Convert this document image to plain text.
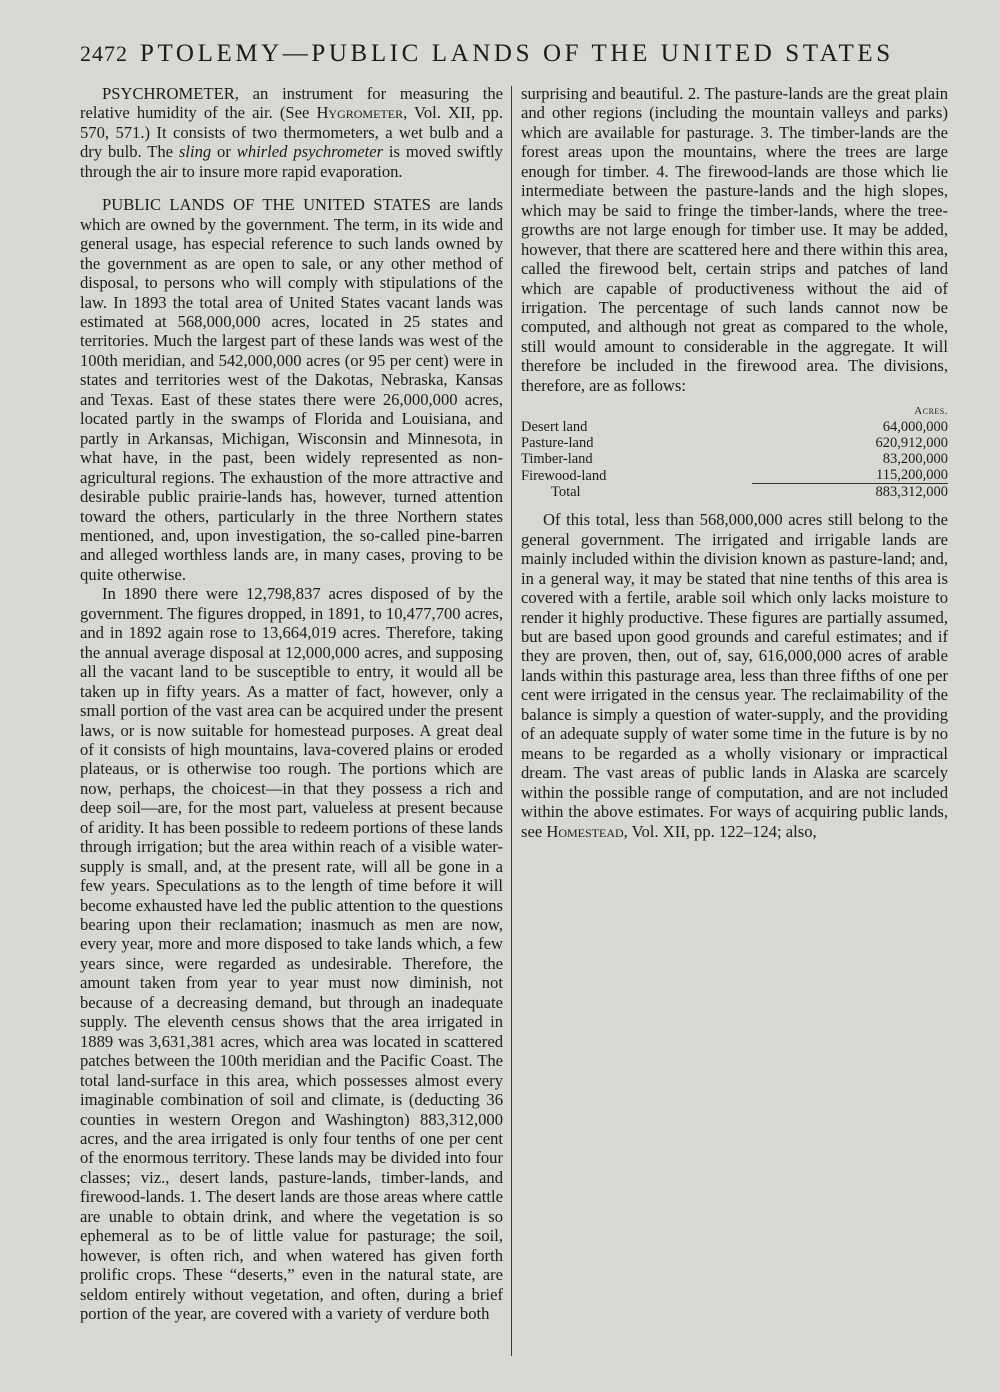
2472 PTOLEMY—PUBLIC LANDS OF THE UNITED STATES

PSYCHROMETER, an instrument for measuring the relative humidity of the air. (See Hygrometer, Vol. XII, pp. 570, 571.) It consists of two thermometers, a wet bulb and a dry bulb. The sling or whirled psychrometer is moved swiftly through the air to insure more rapid evaporation.

PUBLIC LANDS OF THE UNITED STATES are lands which are owned by the government. The term, in its wide and general usage, has especial reference to such lands owned by the government as are open to sale, or any other method of disposal, to persons who will comply with stipulations of the law. In 1893 the total area of United States vacant lands was estimated at 568,000,000 acres, located in 25 states and territories. Much the largest part of these lands was west of the 100th meridian, and 542,000,000 acres (or 95 per cent) were in states and territories west of the Dakotas, Nebraska, Kansas and Texas. East of these states there were 26,000,000 acres, located partly in the swamps of Florida and Louisiana, and partly in Arkansas, Michigan, Wisconsin and Minnesota, in what have, in the past, been widely represented as non-agricultural regions. The exhaustion of the more attractive and desirable public prairie-lands has, however, turned attention toward the others, particularly in the three Northern states mentioned, and, upon investigation, the so-called pine-barren and alleged worthless lands are, in many cases, proving to be quite otherwise.

In 1890 there were 12,798,837 acres disposed of by the government. The figures dropped, in 1891, to 10,477,700 acres, and in 1892 again rose to 13,664,019 acres. Therefore, taking the annual average disposal at 12,000,000 acres, and supposing all the vacant land to be susceptible to entry, it would all be taken up in fifty years. As a matter of fact, however, only a small portion of the vast area can be acquired under the present laws, or is now suitable for homestead purposes. A great deal of it consists of high mountains, lava-covered plains or eroded plateaus, or is otherwise too rough. The portions which are now, perhaps, the choicest—in that they possess a rich and deep soil—are, for the most part, valueless at present because of aridity. It has been possible to redeem portions of these lands through irrigation; but the area within reach of a visible water-supply is small, and, at the present rate, will all be gone in a few years. Speculations as to the length of time before it will become exhausted have led the public attention to the questions bearing upon their reclamation; inasmuch as men are now, every year, more and more disposed to take lands which, a few years since, were regarded as undesirable. Therefore, the amount taken from year to year must now diminish, not because of a decreasing demand, but through an inadequate supply. The eleventh census shows that the area irrigated in 1889 was 3,631,381 acres, which area was located in scattered patches between the 100th meridian and the Pacific Coast. The total land-surface in this area, which possesses almost every imaginable combination of soil and climate, is (deducting 36 counties in western Oregon and Washington) 883,312,000 acres, and the area irrigated is only four tenths of one per cent of the enormous territory. These lands may be divided into four classes; viz., desert lands, pasture-lands, timber-lands, and firewood-lands. 1. The desert lands are those areas where cattle are unable to obtain drink, and where the vegetation is so ephemeral as to be of little value for pasturage; the soil, however, is often rich, and when watered has given forth prolific crops. These “deserts,” even in the natural state, are seldom entirely without vegetation, and often, during a brief portion of the year, are covered with a variety of verdure both

surprising and beautiful. 2. The pasture-lands are the great plain and other regions (including the mountain valleys and parks) which are available for pasturage. 3. The timber-lands are the forest areas upon the mountains, where the trees are large enough for timber. 4. The firewood-lands are those which lie intermediate between the pasture-lands and the high slopes, which may be said to fringe the timber-lands, where the tree-growths are not large enough for timber use. It may be added, however, that there are scattered here and there within this area, called the firewood belt, certain strips and patches of land which are capable of productiveness without the aid of irrigation. The percentage of such lands cannot now be computed, and although not great as compared to the whole, still would amount to considerable in the aggregate. It will therefore be included in the firewood area. The divisions, therefore, are as follows:

		Acres.
Desert land		64,000,000
Pasture-land		620,912,000
Timber-land		83,200,000
Firewood-land		115,200,000
Total		883,312,000

Of this total, less than 568,000,000 acres still belong to the general government. The irrigated and irrigable lands are mainly included within the division known as pasture-land; and, in a general way, it may be stated that nine tenths of this area is covered with a fertile, arable soil which only lacks moisture to render it highly productive. These figures are partially assumed, but are based upon good grounds and careful estimates; and if they are proven, then, out of, say, 616,000,000 acres of arable lands within this pasturage area, less than three fifths of one per cent were irrigated in the census year. The reclaimability of the balance is simply a question of water-supply, and the providing of an adequate supply of water some time in the future is by no means to be regarded as a wholly visionary or impractical dream. The vast areas of public lands in Alaska are scarcely within the possible range of computation, and are not included within the above estimates. For ways of acquiring public lands, see Homestead, Vol. XII, pp. 122–124; also,
